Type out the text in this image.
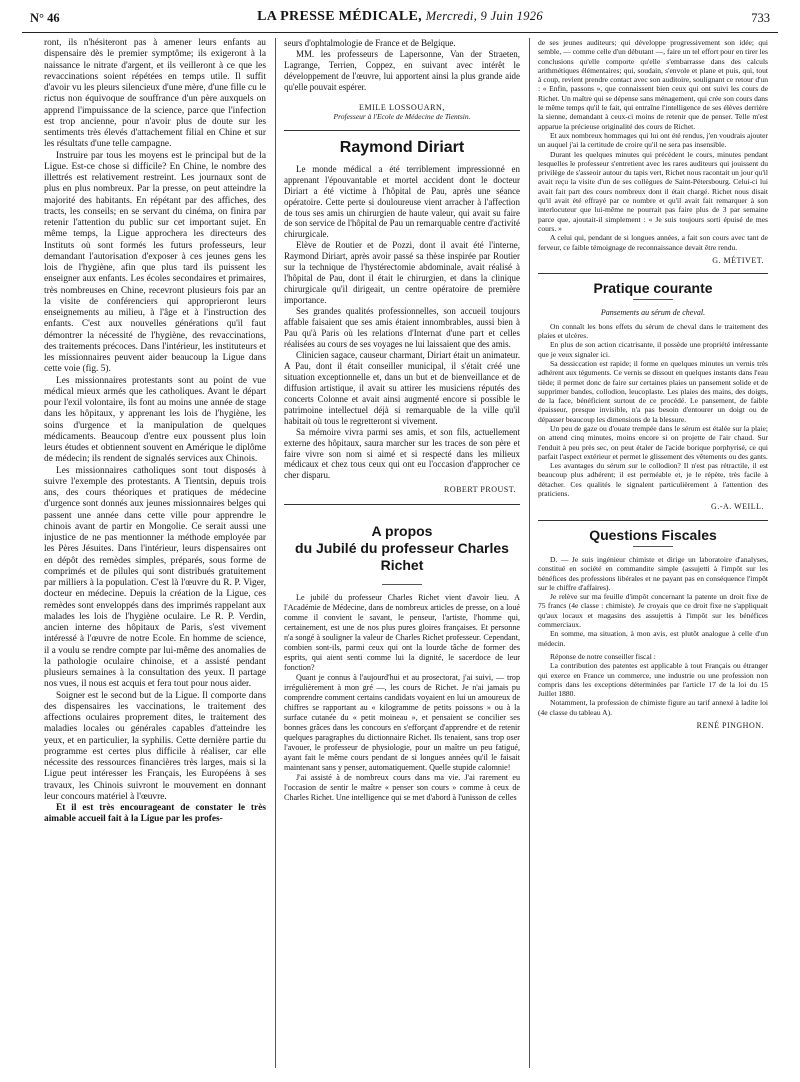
N° 46	LA PRESSE MÉDICALE, Mercredi, 9 Juin 1926	733

ront, ils n'hésiteront pas à amener leurs enfants au dispensaire dès le premier symptôme; ils exigeront à la naissance le nitrate d'argent, et ils veilleront à ce que les revaccinations soient répétées en temps utile. Il suffit d'avoir vu les pleurs silencieux d'une mère, d'une fille cu le rictus non équivoque de souffrance d'un père auxquels on apprend l'impuissance de la science, parce que l'infection est trop ancienne, pour n'avoir plus de doute sur les sentiments très élevés d'attachement filial en Chine et sur les résultats d'une telle campagne.

Instruire par tous les moyens est le principal but de la Ligue. Est-ce chose si difficile? En Chine, le nombre des illettrés est relativement restreint. Les journaux sont de plus en plus nombreux. Par la presse, on peut atteindre la majorité des habitants. En répétant par des affiches, des tracts, les conseils; en se servant du cinéma, on finira par retenir l'attention du public sur cet important sujet. En même temps, la Ligue approchera les directeurs des Instituts où sont formés les futurs professeurs, leur demandant l'autorisation d'exposer à ces jeunes gens les lois de l'hygiène, afin que plus tard ils puissent les enseigner aux enfants. Les écoles secondaires et primaires, très nombreuses en Chine, recevront plusieurs fois par an la visite de conférenciers qui approprieront leurs enseignements au milieu, à l'âge et à l'instruction des enfants. C'est aux nouvelles générations qu'il faut démontrer la nécessité de l'hygiène, des revaccinations, des traitements précoces. Dans l'intérieur, les instituteurs et les missionnaires peuvent aider beaucoup la Ligue dans cette voie (fig. 5).

Les missionnaires protestants sont au point de vue médical mieux armés que les catholiques. Avant le départ pour l'exil volontaire, ils font au moins une année de stage dans les hôpitaux, y apprenant les lois de l'hygiène, les soins d'urgence et la manipulation de quelques médicaments. Beaucoup d'entre eux poussent plus loin leurs études et obtiennent souvent en Amérique le diplôme de médecin; ils rendent de signalés services aux Chinois.

Les missionnaires catholiques sont tout disposés à suivre l'exemple des protestants. A Tientsin, depuis trois ans, des cours théoriques et pratiques de médecine d'urgence sont donnés aux jeunes missionnaires belges qui passent une année dans cette ville pour apprendre le chinois avant de partir en Mongolie. Ce serait aussi une injustice de ne pas mentionner la méthode employée par les Pères Jésuites. Dans l'intérieur, leurs dispensaires ont en dépôt des remèdes simples, préparés, sous forme de comprimés et de pilules qui sont distribués gratuitement par milliers à la population. C'est là l'œuvre du R. P. Viger, docteur en médecine. Depuis la création de la Ligue, ces remèdes sont enveloppés dans des imprimés rappelant aux malades les lois de l'hygiène oculaire. Le R. P. Verdin, ancien interne des hôpitaux de Paris, s'est vivement intéressé à l'œuvre de notre Ecole. En homme de science, il a voulu se rendre compte par lui-même des anomalies de la pathologie oculaire chinoise, et a assisté pendant plusieurs semaines à la consultation des yeux. Il partage nos vues, il nous est acquis et fera tout pour nous aider.

Soigner est le second but de la Ligue. Il comporte dans des dispensaires les vaccinations, le traitement des affections oculaires proprement dites, le traitement des maladies locales ou générales capables d'atteindre les yeux, et en particulier, la syphilis. Cette dernière partie du programme est certes plus difficile à réaliser, car elle nécessite des ressources financières très larges, mais si la Ligue peut intéresser les Français, les Européens à ses travaux, les Chinois suivront le mouvement en donnant leur concours matériel à l'œuvre.

Et il est très encourageant de constater le très aimable accueil fait à la Ligue par les profes-

seurs d'ophtalmologie de France et de Belgique.

MM. les professeurs de Lapersonne, Van der Straeten, Lagrange, Terrien, Coppez, en suivant avec intérêt le développement de l'œuvre, lui apportent ainsi la plus grande aide qu'elle pouvait espérer.

EMILE LOSSOUARN,
Professeur à l'Ecole de Médecine de Tientsin.
Raymond Diriart

Le monde médical a été terriblement impressionné en apprenant l'épouvantable et mortel accident dont le docteur Diriart a été victime à l'hôpital de Pau, après une séance opératoire. Cette perte si douloureuse vient arracher à l'affection de tous ses amis un chirurgien de haute valeur, qui avait su faire de son service de l'hôpital de Pau un remarquable centre d'activité chirurgicale.

Elève de Routier et de Pozzi, dont il avait été l'interne, Raymond Diriart, après avoir passé sa thèse inspirée par Routier sur la technique de l'hystérectomie abdominale, avait réalisé à l'hôpital de Pau, dont il était le chirurgien, et dans la clinique chirurgicale qu'il dirigeait, un centre opératoire de première importance.

Ses grandes qualités professionnelles, son accueil toujours affable faisaient que ses amis étaient innombrables, aussi bien à Pau qu'à Paris où les relations d'Internat d'une part et celles réalisées au cours de ses voyages ne lui laissaient que des amis.

Clinicien sagace, causeur charmant, Diriart était un animateur. A Pau, dont il était conseiller municipal, il s'était créé une situation exceptionnelle et, dans un but et de bienveillance et de diffusion artistique, il avait su attirer les musiciens réputés des concerts Colonne et avait ainsi augmenté encore si possible le patrimoine intellectuel déjà si remarquable de la ville qu'il habitait où tous le regretteront si vivement.

Sa mémoire vivra parmi ses amis, et son fils, actuellement externe des hôpitaux, saura marcher sur les traces de son père et faire vivre son nom si aimé et si respecté dans les milieux médicaux et chez tous ceux qui ont eu l'occasion d'approcher ce cher disparu.

ROBERT PROUST.
A propos
du Jubilé du professeur Charles Richet

Le jubilé du professeur Charles Richet vient d'avoir lieu. A l'Académie de Médecine, dans de nombreux articles de presse, on a loué comme il convient le savant, le penseur, l'artiste, l'homme qui, certainement, est une de nos plus pures gloires françaises. Et personne n'a songé à souligner la valeur de Charles Richet professeur. Cependant, combien sont-ils, parmi ceux qui ont la lourde tâche de former des esprits, qui aient senti comme lui la dignité, le sacerdoce de leur fonction?

Quant je connus à l'aujourd'hui et au prosectorat, j'ai suivi, — trop irrégulièrement à mon gré —, les cours de Richet. Je n'ai jamais pu comprendre comment certains candidats voyaient en lui un amoureux de chiffres se rapportant au « kilogramme de petits poissons » ou à la surface cutanée du « petit moineau », et pensaient se concilier ses bonnes grâces dans les concours en s'efforçant d'apprendre et de retenir quelques paragraphes du dictionnaire Richet. Ils tenaient, sans trop oser l'avouer, le professeur de physiologie, pour un maître un peu fatigué, ayant fait le même cours pendant de si longues années qu'il le faisait maintenant sans y penser, automatiquement. Quelle stupide calomnie!

J'ai assisté à de nombreux cours dans ma vie. J'ai rarement eu l'occasion de sentir le maître « penser son cours » comme à ceux de Charles Richet. Une intelligence qui se met d'abord à l'unisson de celles

de ses jeunes auditeurs; qui développe progressivement son idée; qui semble, — comme celle d'un débutant —, faire un tel effort pour en tirer les conclusions qu'elle comporte qu'elle s'embarrasse dans des calculs arithmétiques élémentaires; qui, soudain, s'envole et plane et puis, qui, tout à coup, revient prendre contact avec son auditoire, soulignant ce retour d'un : « Enfin, passons », que connaissent bien ceux qui ont suivi les cours de Richet. Un maître qui se dépense sans ménagement, qui crée son cours dans le même temps qu'il le fait, qui entraîne l'intelligence de ses élèves derrière la sienne, demandant à ceux-ci moins de retenir que de penser. Telle m'est apparue la précieuse originalité des cours de Richet.

Et aux nombreux hommages qui lui ont été rendus, j'en voudrais ajouter un auquel j'ai la certitude de croire qu'il ne sera pas insensible.

Durant les quelques minutes qui précèdent le cours, minutes pendant lesquelles le professeur s'entretient avec les rares auditeurs qui jouissent du privilège de s'asseoir autour du tapis vert, Richet nous racontait un jour qu'il avait reçu la visite d'un de ses collègues de Saint-Pétersbourg. Celui-ci lui avait fait part des cours nombreux dont il était chargé. Richet nous disait qu'il avait été effrayé par ce nombre et qu'il avait fait remarquer à son interlocuteur que lui-même ne pourrait pas faire plus de 3 par semaine parce que, ajoutait-il simplement : « Je suis toujours sorti épuisé de mes cours. »

A celui qui, pendant de si longues années, a fait son cours avec tant de ferveur, ce faible témoignage de reconnaissance devait être rendu.

G. MÉTIVET.
Pratique courante
Pansements au sérum de cheval.

On connaît les bons effets du sérum de cheval dans le traitement des plaies et ulcères.

En plus de son action cicatrisante, il possède une propriété intéressante que je veux signaler ici.

Sa dessiccation est rapide; il forme en quelques minutes un vernis très adhérent aux téguments. Ce vernis se dissout en quelques instants dans l'eau tiède; il permet donc de faire sur certaines plaies un pansement solide et de supprimer bandes, collodion, leucoplaste. Les plaies des mains, des doigts, de la face, bénéficient surtout de ce procédé. Le pansement, de faible épaisseur, presque invisible, n'a pas besoin d'entourer un doigt ou de dépasser beaucoup les dimensions de la blessure.

Un peu de gaze ou d'ouate trempée dans le sérum est étalée sur la plaie; on attend cinq minutes, moins encore si on projette de l'air chaud. Sur l'enduit à peu près sec, on peut étaler de l'acide borique porphyrisé, ce qui parfait l'aspect extérieur et permet le glissement des vêtements ou des gants.

Les avantages du sérum sur le collodion? Il n'est pas rétractile, il est beaucoup plus adhérent; il est perméable et, je le répète, très facile à détacher. Ces qualités le signalent particulièrement à l'attention des praticiens.

G.-A. WEILL.
Questions Fiscales

D. — Je suis ingénieur chimiste et dirige un laboratoire d'analyses, constitué en société en commandite simple (assujetti à l'impôt sur les bénéfices des professions libérales et ne payant pas en conséquence l'impôt sur le chiffre d'affaires).

Je relève sur ma feuille d'impôt concernant la patente un droit fixe de 75 francs (4e classe : chimiste). Je croyais que ce droit fixe ne s'appliquait qu'aux locaux et magasins des assujettis à l'impôt sur les bénéfices commerciaux.

En somme, ma situation, à mon avis, est plutôt analogue à celle d'un médecin.

Réponse de notre conseiller fiscal :

La contribution des patentes est applicable à tout Français ou étranger qui exerce en France un commerce, une industrie ou une profession non compris dans les exceptions déterminées par l'article 17 de la loi du 15 Juillet 1880.

Notamment, la profession de chimiste figure au tarif annexé à ladite loi (4e classe du tableau A).

RENÉ PINGHON.
